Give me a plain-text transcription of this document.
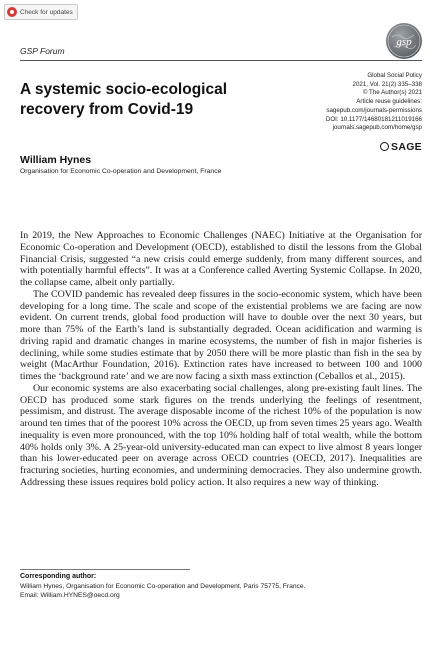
Check for updates
GSP Forum
gsp
A systemic socio-ecological recovery from Covid-19
Global Social Policy
2021, Vol. 21(2) 335–338
© The Author(s) 2021
Article reuse guidelines:
sagepub.com/journals-permissions
DOI: 10.1177/14680181211019166
journals.sagepub.com/home/gsp
SAGE
William Hynes
Organisation for Economic Co-operation and Development, France

In 2019, the New Approaches to Economic Challenges (NAEC) Initiative at the Organisation for Economic Co-operation and Development (OECD), established to distil the lessons from the Global Financial Crisis, suggested “a new crisis could emerge suddenly, from many different sources, and with potentially harmful effects”. It was at a Conference called Averting Systemic Collapse. In 2020, the collapse came, albeit only partially.

The COVID pandemic has revealed deep fissures in the socio-economic system, which have been developing for a long time. The scale and scope of the existential problems we are facing are now evident. On current trends, global food production will have to double over the next 30 years, but more than 75% of the Earth’s land is substantially degraded. Ocean acidification and warming is driving rapid and dramatic changes in marine ecosystems, the number of fish in major fisheries is declining, while some studies estimate that by 2050 there will be more plastic than fish in the sea by weight (MacArthur Foundation, 2016). Extinction rates have increased to between 100 and 1000 times the ‘background rate’ and we are now facing a sixth mass extinction (Ceballos et al., 2015).

Our economic systems are also exacerbating social challenges, along pre-existing fault lines. The OECD has produced some stark figures on the trends underlying the feelings of resentment, pessimism, and distrust. The average disposable income of the richest 10% of the population is now around ten times that of the poorest 10% across the OECD, up from seven times 25 years ago. Wealth inequality is even more pronounced, with the top 10% holding half of total wealth, while the bottom 40% holds only 3%. A 25-year-old university-educated man can expect to live almost 8 years longer than his lower-educated peer on average across OECD countries (OECD, 2017). Inequalities are fracturing societies, hurting economies, and undermining democracies. They also undermine growth. Addressing these issues requires bold policy action. It also requires a new way of thinking.

Corresponding author:
William Hynes, Organisation for Economic Co-operation and Development, Paris 75775, France.
Email: William.HYNES@oecd.org
